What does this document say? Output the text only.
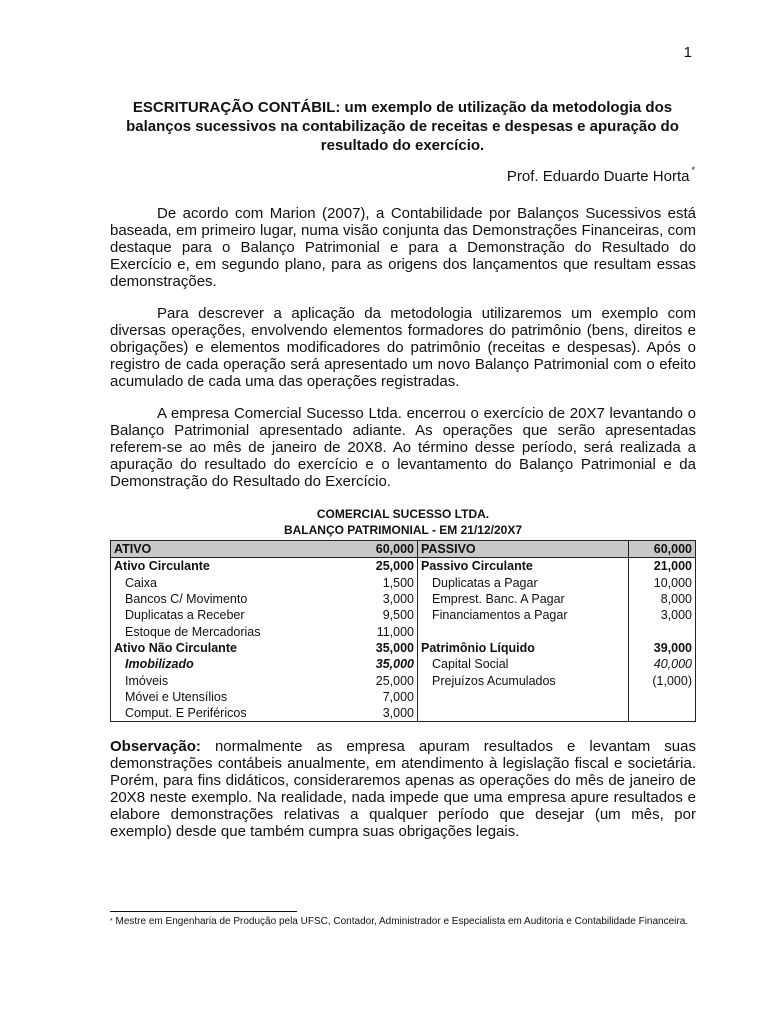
1
ESCRITURAÇÃO CONTÁBIL: um exemplo de utilização da metodologia dos balanços sucessivos na contabilização de receitas e despesas e apuração do resultado do exercício.
Prof. Eduardo Duarte Horta *

De acordo com Marion (2007), a Contabilidade por Balanços Sucessivos está baseada, em primeiro lugar, numa visão conjunta das Demonstrações Financeiras, com destaque para o Balanço Patrimonial e para a Demonstração do Resultado do Exercício e, em segundo plano, para as origens dos lançamentos que resultam essas demonstrações.

Para descrever a aplicação da metodologia utilizaremos um exemplo com diversas operações, envolvendo elementos formadores do patrimônio (bens, direitos e obrigações) e elementos modificadores do patrimônio (receitas e despesas). Após o registro de cada operação será apresentado um novo Balanço Patrimonial com o efeito acumulado de cada uma das operações registradas.

A empresa Comercial Sucesso Ltda. encerrou o exercício de 20X7 levantando o Balanço Patrimonial apresentado adiante. As operações que serão apresentadas referem-se ao mês de janeiro de 20X8. Ao término desse período, será realizada a apuração do resultado do exercício e o levantamento do Balanço Patrimonial e da Demonstração do Resultado do Exercício.

COMERCIAL SUCESSO LTDA.
BALANÇO PATRIMONIAL - EM 21/12/20X7
ATIVO	60,000	PASSIVO	60,000
Ativo Circulante	25,000	Passivo Circulante	21,000
Caixa	1,500	Duplicatas a Pagar	10,000
Bancos C/ Movimento	3,000	Emprest. Banc. A Pagar	8,000
Duplicatas a Receber	9,500	Financiamentos a Pagar	3,000
Estoque de Mercadorias	11,000		
Ativo Não Circulante	35,000	Patrimônio Líquido	39,000
Imobilizado	35,000	Capital Social	40,000
Imóveis	25,000	Prejuízos Acumulados	(1,000)
Móvei e Utensílios	7,000		
Comput. E Periféricos	3,000		

Observação: normalmente as empresa apuram resultados e levantam suas demonstrações contábeis anualmente, em atendimento à legislação fiscal e societária. Porém, para fins didáticos, consideraremos apenas as operações do mês de janeiro de 20X8 neste exemplo. Na realidade, nada impede que uma empresa apure resultados e elabore demonstrações relativas a qualquer período que desejar (um mês, por exemplo) desde que também cumpra suas obrigações legais.

* Mestre em Engenharia de Produção pela UFSC, Contador, Administrador e Especialista em Auditoria e Contabilidade Financeira.
